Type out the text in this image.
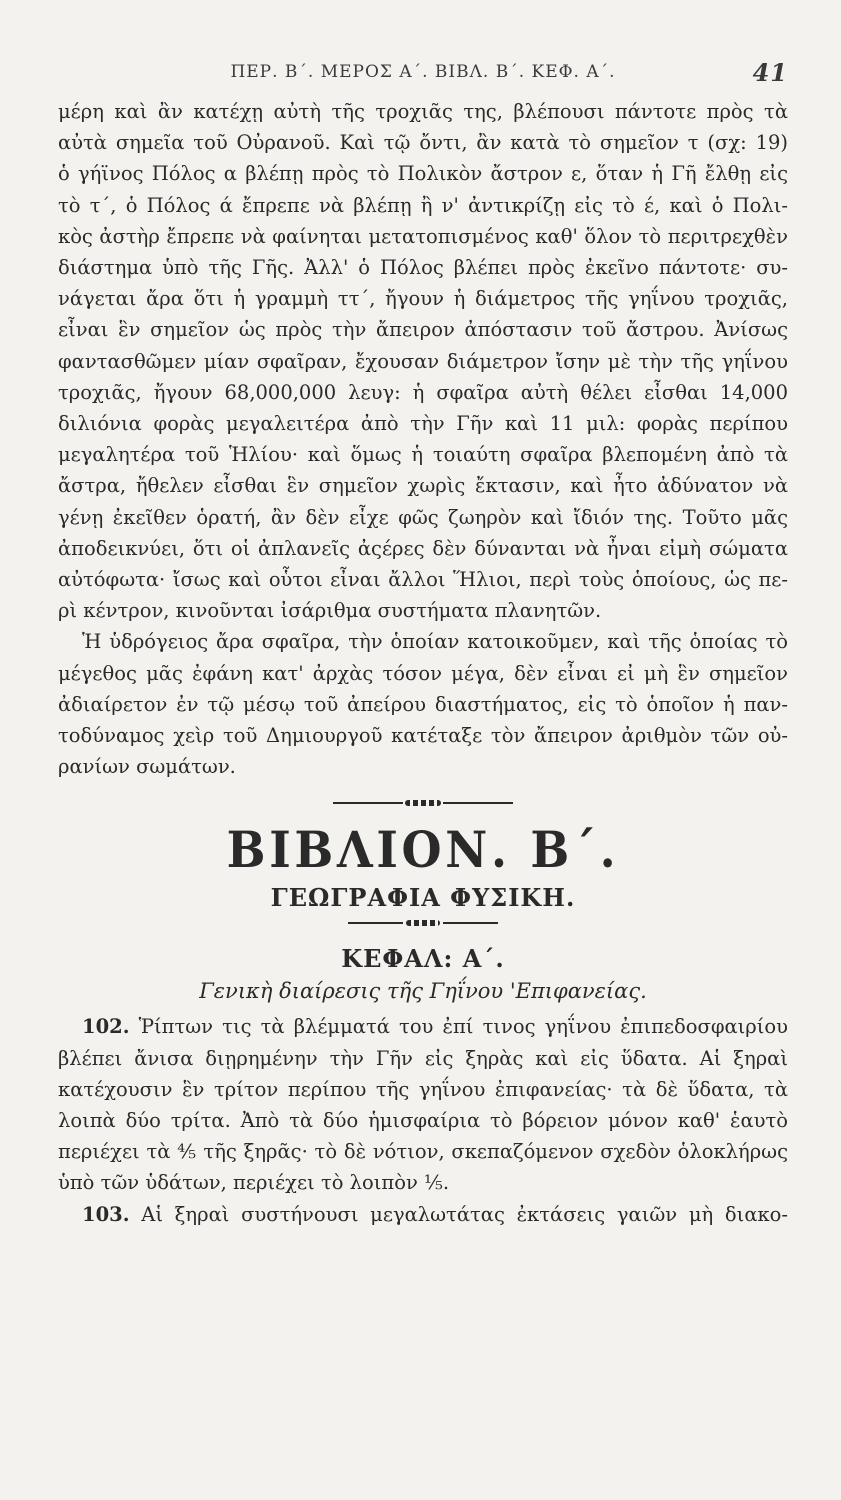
ΠΕΡ. Β΄. ΜΕΡΟΣ Α΄. ΒΙΒΛ. Β΄. ΚΕΦ. Α΄.	41

μέρη καὶ ἂν κατέχῃ αὐτὴ τῆς τροχιᾶς της, βλέπουσι πάντοτε πρὸς τὰ

αὐτὰ σημεῖα τοῦ Οὐρανοῦ. Καὶ τῷ ὄντι, ἂν κατὰ τὸ σημεῖον τ (σχ: 19)

ὁ γήϊνος Πόλος α βλέπῃ πρὸς τὸ Πολικὸν ἄστρον ε, ὅταν ἡ Γῆ ἔλθῃ εἰς

τὸ τ΄, ὁ Πόλος ά ἔπρεπε νὰ βλέπῃ ἢ ν' ἀντικρίζῃ εἰς τὸ έ, καὶ ὁ Πολι-

κὸς ἀστὴρ ἔπρεπε νὰ φαίνηται μετατοπισμένος καθ' ὅλον τὸ περιτρεχθὲν

διάστημα ὑπὸ τῆς Γῆς. Ἀλλ' ὁ Πόλος βλέπει πρὸς ἐκεῖνο πάντοτε· συ-

νάγεται ἄρα ὅτι ἡ γραμμὴ ττ΄, ἤγουν ἡ διάμετρος τῆς γηΐνου τροχιᾶς,

εἶναι ἓν σημεῖον ὡς πρὸς τὴν ἄπειρον ἀπόστασιν τοῦ ἄστρου. Ἀνίσως

φαντασθῶμεν μίαν σφαῖραν, ἔχουσαν διάμετρον ἴσην μὲ τὴν τῆς γηΐνου

τροχιᾶς, ἤγουν 68,000,000 λευγ: ἡ σφαῖρα αὐτὴ θέλει εἶσθαι 14,000

διλιόνια φορὰς μεγαλειτέρα ἀπὸ τὴν Γῆν καὶ 11 μιλ: φορὰς περίπου

μεγαλητέρα τοῦ Ἡλίου· καὶ ὅμως ἡ τοιαύτη σφαῖρα βλεπομένη ἀπὸ τὰ

ἄστρα, ἤθελεν εἶσθαι ἓν σημεῖον χωρὶς ἔκτασιν, καὶ ἦτο ἀδύνατον νὰ

γένῃ ἐκεῖθεν ὁρατή, ἂν δὲν εἶχε φῶς ζωηρὸν καὶ ἴδιόν της. Τοῦτο μᾶς

ἀποδεικνύει, ὅτι οἱ ἀπλανεῖς ἀςέρες δὲν δύνανται νὰ ἦναι εἰμὴ σώματα

αὐτόφωτα· ἴσως καὶ οὗτοι εἶναι ἄλλοι Ἥλιοι, περὶ τοὺς ὁποίους, ὡς πε-

ρὶ κέντρον, κινοῦνται ἰσάριθμα συστήματα πλανητῶν.

Ἡ ὑδρόγειος ἄρα σφαῖρα, τὴν ὁποίαν κατοικοῦμεν, καὶ τῆς ὁποίας τὸ

μέγεθος μᾶς ἐφάνη κατ' ἀρχὰς τόσον μέγα, δὲν εἶναι εἰ μὴ ἓν σημεῖον

ἀδιαίρετον ἐν τῷ μέσῳ τοῦ ἀπείρου διαστήματος, εἰς τὸ ὁποῖον ἡ παν-

τοδύναμος χεὶρ τοῦ Δημιουργοῦ κατέταξε τὸν ἄπειρον ἀριθμὸν τῶν οὐ-

ρανίων σωμάτων.

ΒΙΒΛΙΟΝ. Β΄.
ΓΕΩΓΡΑΦΙΑ ΦΥΣΙΚΗ.
ΚΕΦΑΛ: Α΄.
Γενικὴ διαίρεσις τῆς Γηΐνου 'Επιφανείας.

102. Ῥίπτων τις τὰ βλέμματά του ἐπί τινος γηΐνου ἐπιπεδοσφαιρίου

βλέπει ἄνισα διῃρημένην τὴν Γῆν εἰς ξηρὰς καὶ εἰς ὕδατα. Αἱ ξηραὶ

κατέχουσιν ἓν τρίτον περίπου τῆς γηΐνου ἐπιφανείας· τὰ δὲ ὕδατα, τὰ

λοιπὰ δύο τρίτα. Ἀπὸ τὰ δύο ἡμισφαίρια τὸ βόρειον μόνον καθ' ἑαυτὸ

περιέχει τὰ ⅘ τῆς ξηρᾶς· τὸ δὲ νότιον, σκεπαζόμενον σχεδὸν ὁλοκλήρως

ὑπὸ τῶν ὑδάτων, περιέχει τὸ λοιπὸν ⅕.

103. Αἱ ξηραὶ συστήνουσι μεγαλωτάτας ἐκτάσεις γαιῶν μὴ διακο-
